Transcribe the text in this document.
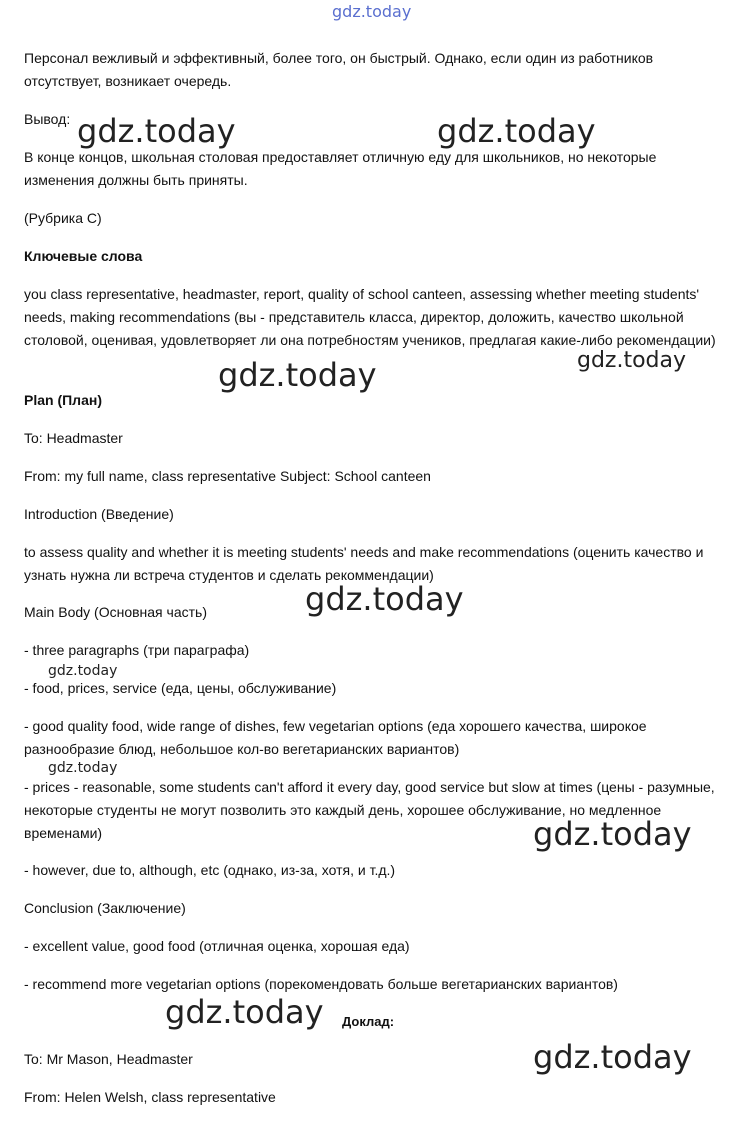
gdz.today
Персонал вежливый и эффективный, более того, он быстрый. Однако, если один из работников отсутствует, возникает очередь.
Вывод:
В конце концов, школьная столовая предоставляет отличную еду для школьников, но некоторые изменения должны быть приняты.
(Рубрика С)
Ключевые слова
you class representative, headmaster, report, quality of school canteen, assessing whether meeting students' needs, making recommendations (вы - представитель класса, директор, доложить, качество школьной столовой, оценивая, удовлетворяет ли она потребностям учеников, предлагая какие-либо рекомендации)
Plan (План)
To: Headmaster
From: my full name, class representative Subject: School canteen
Introduction (Введение)
to assess quality and whether it is meeting students' needs and make recommendations (оценить качество и узнать нужна ли встреча студентов и сделать рекоммендации)
Main Body (Основная часть)
- three paragraphs (три параграфа)
- food, prices, service (еда, цены, обслуживание)
- good quality food, wide range of dishes, few vegetarian options (еда хорошего качества, широкое разнообразие блюд, небольшое кол-во вегетарианских вариантов)
- prices - reasonable, some students can't afford it every day, good service but slow at times (цены - разумные, некоторые студенты не могут позволить это каждый день, хорошее обслуживание, но медленное временами)
- however, due to, although, etc (однако, из-за, хотя, и т.д.)
Conclusion (Заключение)
- excellent value, good food (отличная оценка, хорошая еда)
- recommend more vegetarian options (порекомендовать больше вегетарианских вариантов)
Доклад:
To: Mr Mason, Headmaster
From: Helen Welsh, class representative
gdz.today	gdz.today
gdz.today	gdz.today
gdz.today
gdz.today
gdz.today
gdz.today
gdz.today
gdz.today
